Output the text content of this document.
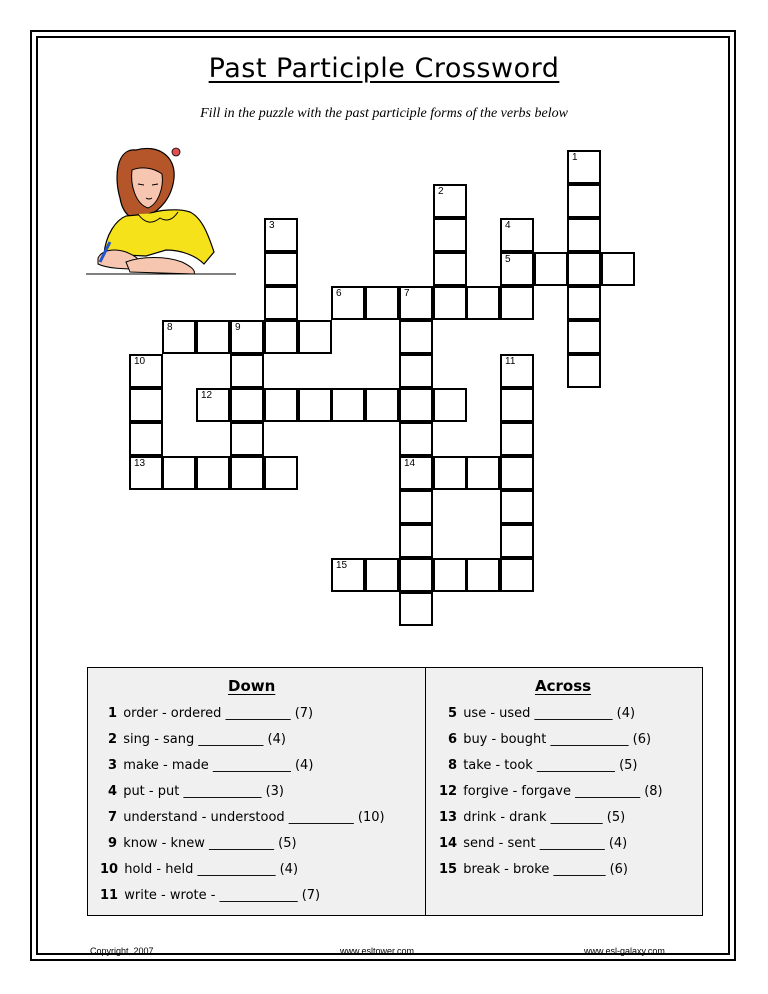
Past Participle Crossword
Fill in the puzzle with the past participle forms of the verbs below
1
2
3	4
5
6	7
8	9
14
10
13
11
12
15
Down
1 order - ordered __________ (7)
2 sing - sang __________ (4)
3 make - made ____________ (4)
4 put - put ____________ (3)
7 understand - understood __________ (10)
9 know - knew __________ (5)
10 hold - held ____________ (4)
11 write - wrote - ____________ (7)
Across
5 use - used ____________ (4)
6 buy - bought ____________ (6)
8 take - took ____________ (5)
12 forgive - forgave __________ (8)
13 drink - drank ________ (5)
14 send - sent __________ (4)
15 break - broke ________ (6)
Copyright, 2007	www.esltower.com	www.esl-galaxy.com
